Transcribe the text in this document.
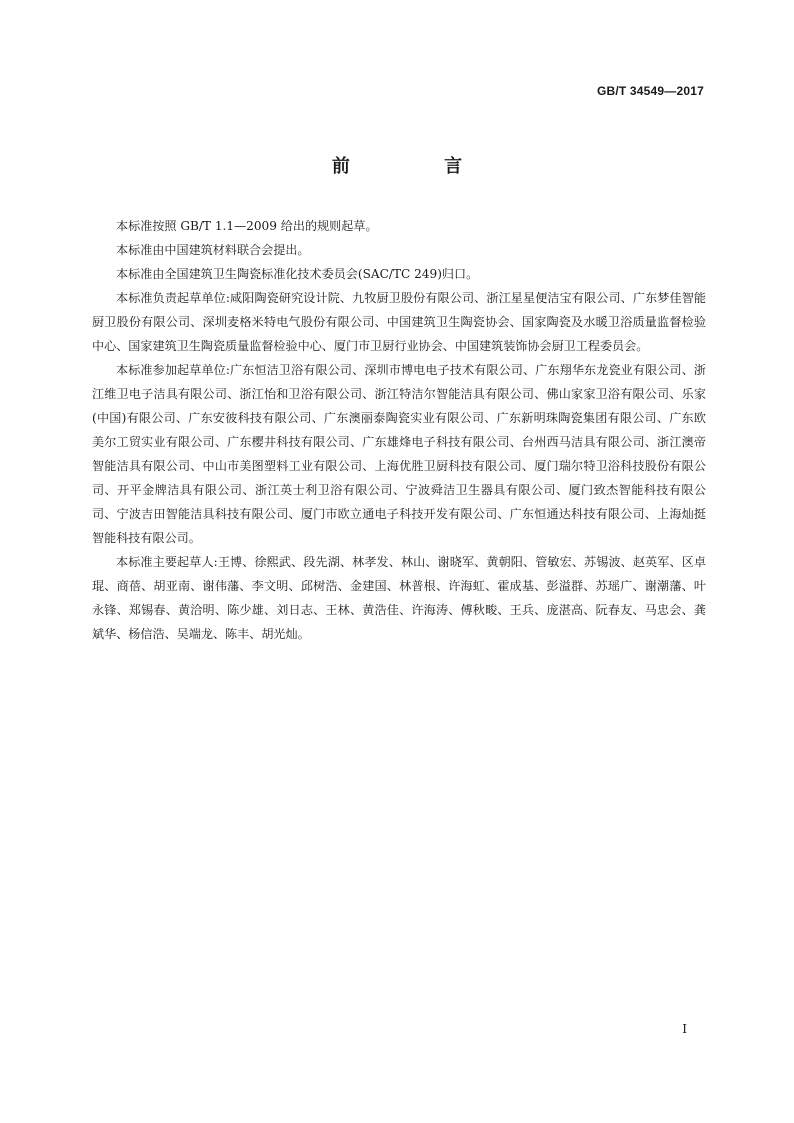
GB/T 34549—2017
前 言

本标准按照 GB/T 1.1—2009 给出的规则起草。

本标准由中国建筑材料联合会提出。

本标准由全国建筑卫生陶瓷标准化技术委员会(SAC/TC 249)归口。

本标准负责起草单位:咸阳陶瓷研究设计院、九牧厨卫股份有限公司、浙江星星便洁宝有限公司、广东梦佳智能厨卫股份有限公司、深圳麦格米特电气股份有限公司、中国建筑卫生陶瓷协会、国家陶瓷及水暖卫浴质量监督检验中心、国家建筑卫生陶瓷质量监督检验中心、厦门市卫厨行业协会、中国建筑装饰协会厨卫工程委员会。

本标准参加起草单位:广东恒洁卫浴有限公司、深圳市博电电子技术有限公司、广东翔华东龙瓷业有限公司、浙江维卫电子洁具有限公司、浙江怡和卫浴有限公司、浙江特洁尔智能洁具有限公司、佛山家家卫浴有限公司、乐家(中国)有限公司、广东安彼科技有限公司、广东澳丽泰陶瓷实业有限公司、广东新明珠陶瓷集团有限公司、广东欧美尔工贸实业有限公司、广东樱井科技有限公司、广东雄烽电子科技有限公司、台州西马洁具有限公司、浙江澳帝智能洁具有限公司、中山市美图塑料工业有限公司、上海优胜卫厨科技有限公司、厦门瑞尔特卫浴科技股份有限公司、开平金牌洁具有限公司、浙江英士利卫浴有限公司、宁波舜洁卫生器具有限公司、厦门致杰智能科技有限公司、宁波吉田智能洁具科技有限公司、厦门市欧立通电子科技开发有限公司、广东恒通达科技有限公司、上海灿挺智能科技有限公司。

本标准主要起草人:王博、徐熙武、段先湖、林孝发、林山、谢晓军、黄朝阳、管敏宏、苏锡波、赵英军、区卓琨、商蓓、胡亚南、谢伟藩、李文明、邱树浩、金建国、林普根、许海虹、霍成基、彭溢群、苏瑶广、谢潮藩、叶永锋、郑锡春、黄洽明、陈少雄、刘日志、王林、黄浩佳、许海涛、傅秋畯、王兵、庞湛高、阮春友、马忠会、龚斌华、杨信浩、吴端龙、陈丰、胡光灿。

I
